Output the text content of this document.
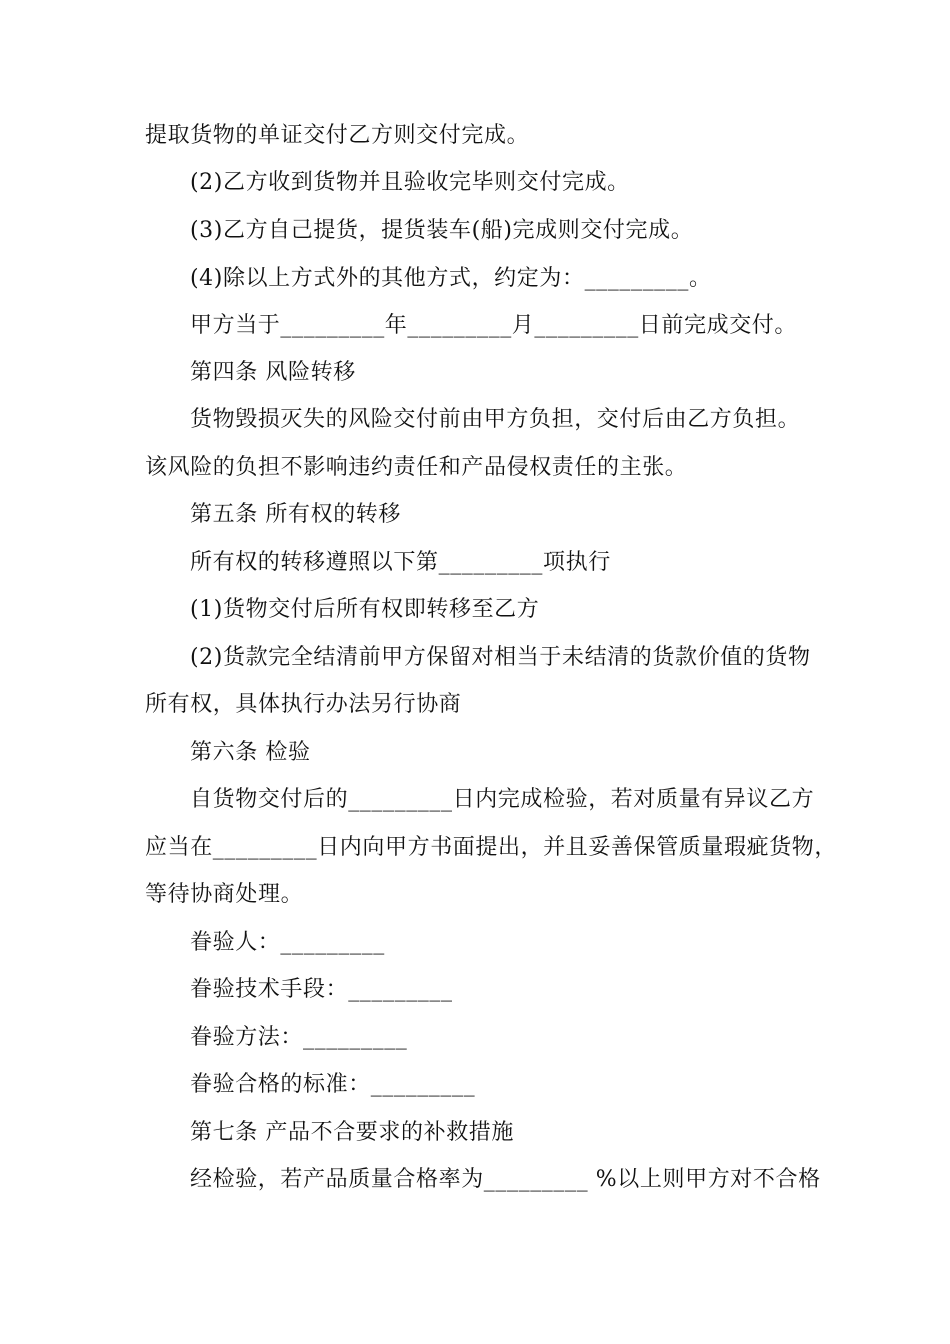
提取货物的单证交付乙方则交付完成。
(2)乙方收到货物并且验收完毕则交付完成。
(3)乙方自己提货，提货装车(船)完成则交付完成。
(4)除以上方式外的其他方式，约定为：_________。
甲方当于_________年_________月_________日前完成交付。
第四条 风险转移
货物毁损灭失的风险交付前由甲方负担，交付后由乙方负担。
该风险的负担不影响违约责任和产品侵权责任的主张。
第五条 所有权的转移
所有权的转移遵照以下第_________项执行
(1)货物交付后所有权即转移至乙方
(2)货款完全结清前甲方保留对相当于未结清的货款价值的货物
所有权，具体执行办法另行协商
第六条 检验
自货物交付后的_________日内完成检验，若对质量有异议乙方
应当在_________日内向甲方书面提出，并且妥善保管质量瑕疵货物，
等待协商处理。
眷验人：_________
眷验技术手段：_________
眷验方法：_________
眷验合格的标准：_________
第七条 产品不合要求的补救措施
经检验，若产品质量合格率为_________ %以上则甲方对不合格
